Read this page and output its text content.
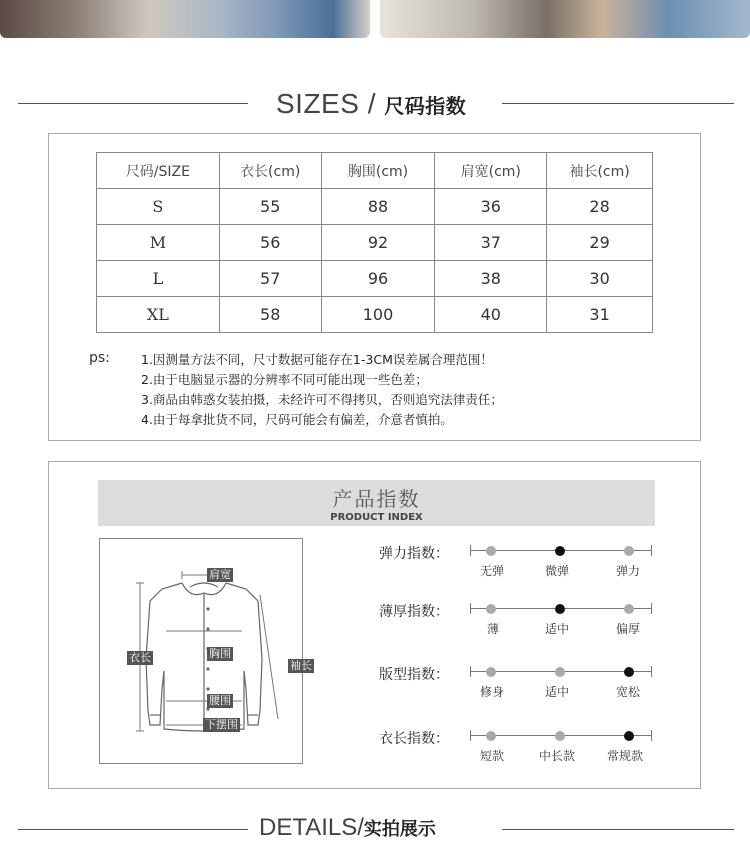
SIZES / 尺码指数
尺码/SIZE	衣长(cm)	胸围(cm)	肩宽(cm)	袖长(cm)
S	55	88	36	28
M	56	92	37	29
L	57	96	38	30
XL	58	100	40	31
ps: 1.因测量方法不同，尺寸数据可能存在1-3CM误差属合理范围！
2.由于电脑显示器的分辨率不同可能出现一些色差；
3.商品由韩惑女装拍摄，未经许可不得拷贝，否则追究法律责任；
4.由于每拿批货不同，尺码可能会有偏差，介意者慎拍。
产品指数
PRODUCT INDEX
肩宽
衣长	胸围
袖长
腰围
下摆围
弹力指数：
无弹	微弹	弹力
薄厚指数：
薄	适中	偏厚
版型指数：
修身	适中	宽松
衣长指数：
短款	中长款	常规款
DETAILS/实拍展示
